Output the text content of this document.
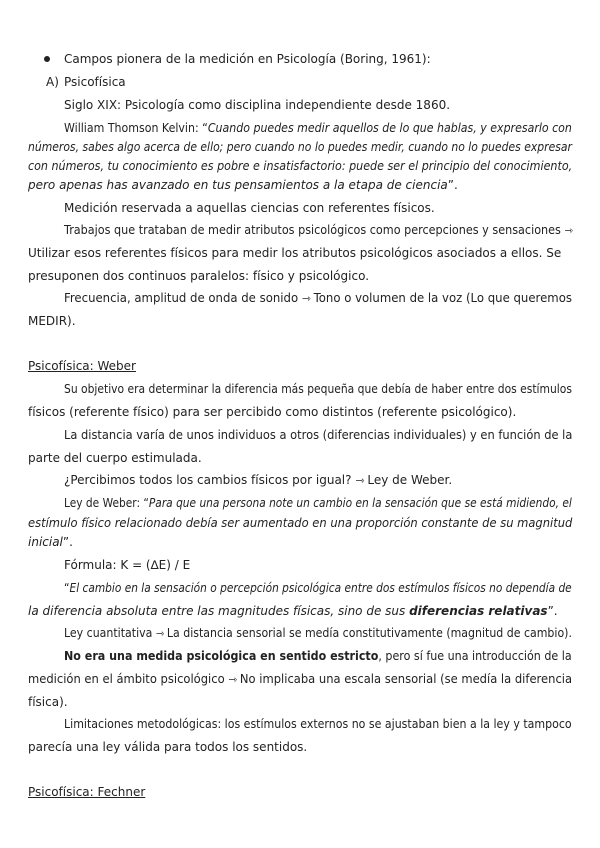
Campos pionera de la medición en Psicología (Boring, 1961):
A) Psicofísica
Siglo XIX: Psicología como disciplina independiente desde 1860.
William Thomson Kelvin: “Cuando puedes medir aquellos de lo que hablas, y expresarlo con
números, sabes algo acerca de ello; pero cuando no lo puedes medir, cuando no lo puedes expresar
con números, tu conocimiento es pobre e insatisfactorio: puede ser el principio del conocimiento,
pero apenas has avanzado en tus pensamientos a la etapa de ciencia”.
Medición reservada a aquellas ciencias con referentes físicos.
Trabajos que trataban de medir atributos psicológicos como percepciones y sensaciones ⇾
Utilizar esos referentes físicos para medir los atributos psicológicos asociados a ellos. Se
presuponen dos continuos paralelos: físico y psicológico.
Frecuencia, amplitud de onda de sonido ⇾ Tono o volumen de la voz (Lo que queremos
MEDIR).
Psicofísica: Weber
Su objetivo era determinar la diferencia más pequeña que debía de haber entre dos estímulos
físicos (referente físico) para ser percibido como distintos (referente psicológico).
La distancia varía de unos individuos a otros (diferencias individuales) y en función de la
parte del cuerpo estimulada.
¿Percibimos todos los cambios físicos por igual? ⇾ Ley de Weber.
Ley de Weber: “Para que una persona note un cambio en la sensación que se está midiendo, el
estímulo físico relacionado debía ser aumentado en una proporción constante de su magnitud
inicial”.
Fórmula: K = (∆E) / E
“El cambio en la sensación o percepción psicológica entre dos estímulos físicos no dependía de
la diferencia absoluta entre las magnitudes físicas, sino de sus diferencias relativas”.
Ley cuantitativa ⇾ La distancia sensorial se medía constitutivamente (magnitud de cambio).
No era una medida psicológica en sentido estricto, pero sí fue una introducción de la
medición en el ámbito psicológico ⇾ No implicaba una escala sensorial (se medía la diferencia
física).
Limitaciones metodológicas: los estímulos externos no se ajustaban bien a la ley y tampoco
parecía una ley válida para todos los sentidos.
Psicofísica: Fechner
